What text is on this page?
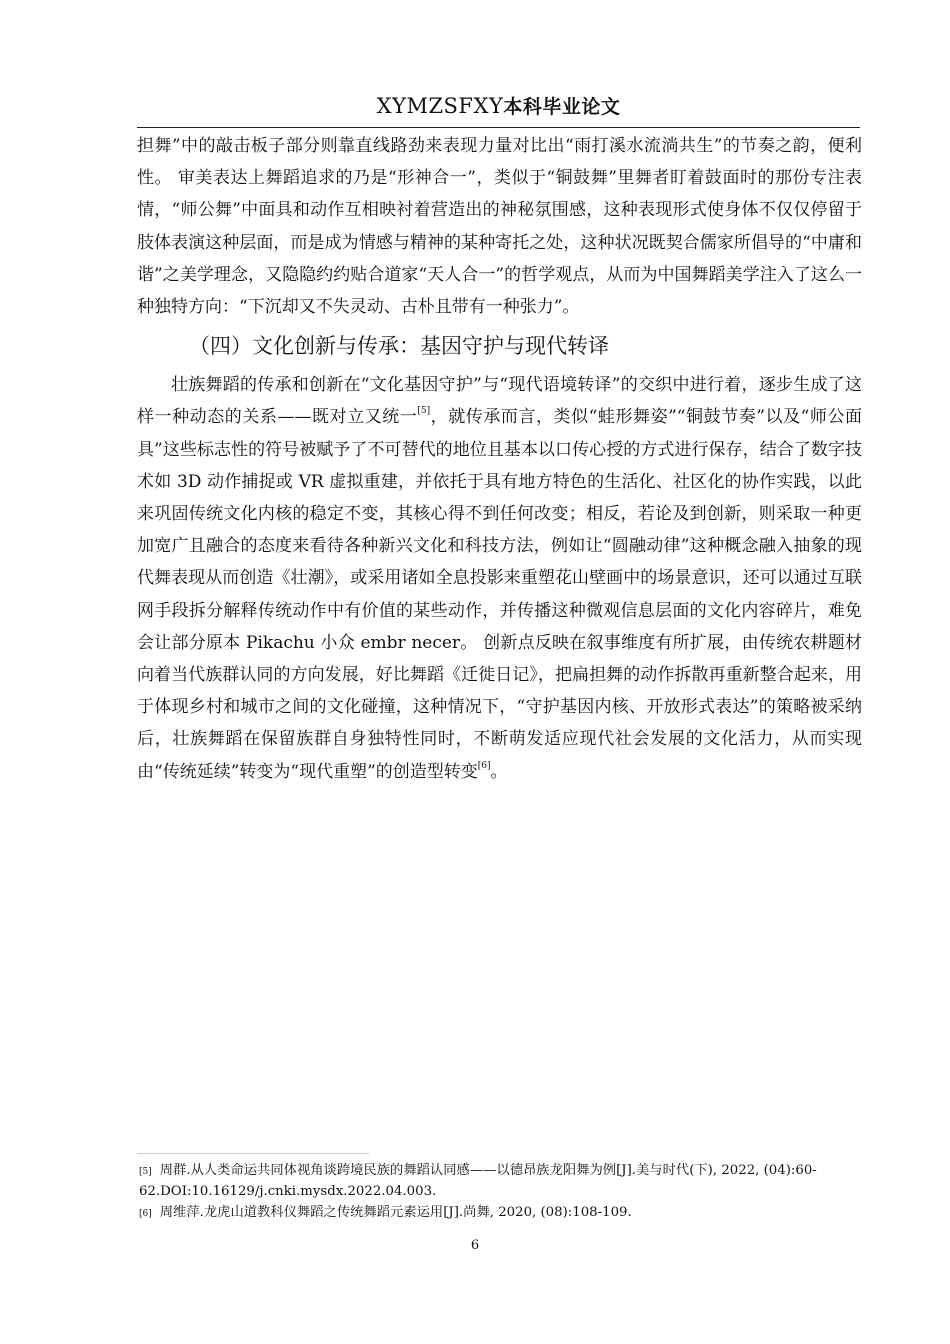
XYMZSFXY本科毕业论文

担舞”中的敲击板子部分则靠直线路劲来表现力量对比出“雨打溪水流淌共生”的节奏之韵，便利性。 审美表达上舞蹈追求的乃是“形神合一”，类似于“铜鼓舞”里舞者盯着鼓面时的那份专注表情，“师公舞”中面具和动作互相映衬着营造出的神秘氛围感，这种表现形式使身体不仅仅停留于肢体表演这种层面，而是成为情感与精神的某种寄托之处，这种状况既契合儒家所倡导的“中庸和谐”之美学理念，又隐隐约约贴合道家“天人合一”的哲学观点，从而为中国舞蹈美学注入了这么一种独特方向：“下沉却又不失灵动、古朴且带有一种张力”。

（四）文化创新与传承：基因守护与现代转译

壮族舞蹈的传承和创新在“文化基因守护”与“现代语境转译”的交织中进行着，逐步生成了这样一种动态的关系——既对立又统一[5]，就传承而言，类似“蛙形舞姿”“铜鼓节奏”以及“师公面具”这些标志性的符号被赋予了不可替代的地位且基本以口传心授的方式进行保存，结合了数字技术如 3D 动作捕捉或 VR 虚拟重建，并依托于具有地方特色的生活化、社区化的协作实践，以此来巩固传统文化内核的稳定不变，其核心得不到任何改变；相反，若论及到创新，则采取一种更加宽广且融合的态度来看待各种新兴文化和科技方法，例如让“圆融动律”这种概念融入抽象的现代舞表现从而创造《壮潮》，或采用诸如全息投影来重塑花山壁画中的场景意识，还可以通过互联网手段拆分解释传统动作中有价值的某些动作，并传播这种微观信息层面的文化内容碎片，难免会让部分原本 Pikachu 小众 embr necer。 创新点反映在叙事维度有所扩展，由传统农耕题材向着当代族群认同的方向发展，好比舞蹈《迁徙日记》，把扁担舞的动作拆散再重新整合起来，用于体现乡村和城市之间的文化碰撞，这种情况下，“守护基因内核、开放形式表达”的策略被采纳后，壮族舞蹈在保留族群自身独特性同时，不断萌发适应现代社会发展的文化活力，从而实现由“传统延续”转变为“现代重塑”的创造型转变[6]。

[5] 周群.从人类命运共同体视角谈跨境民族的舞蹈认同感——以德昂族龙阳舞为例[J].美与时代(下), 2022, (04):60-62.DOI:10.16129/j.cnki.mysdx.2022.04.003.

[6] 周维萍.龙虎山道教科仪舞蹈之传统舞蹈元素运用[J].尚舞, 2020, (08):108-109.

6
